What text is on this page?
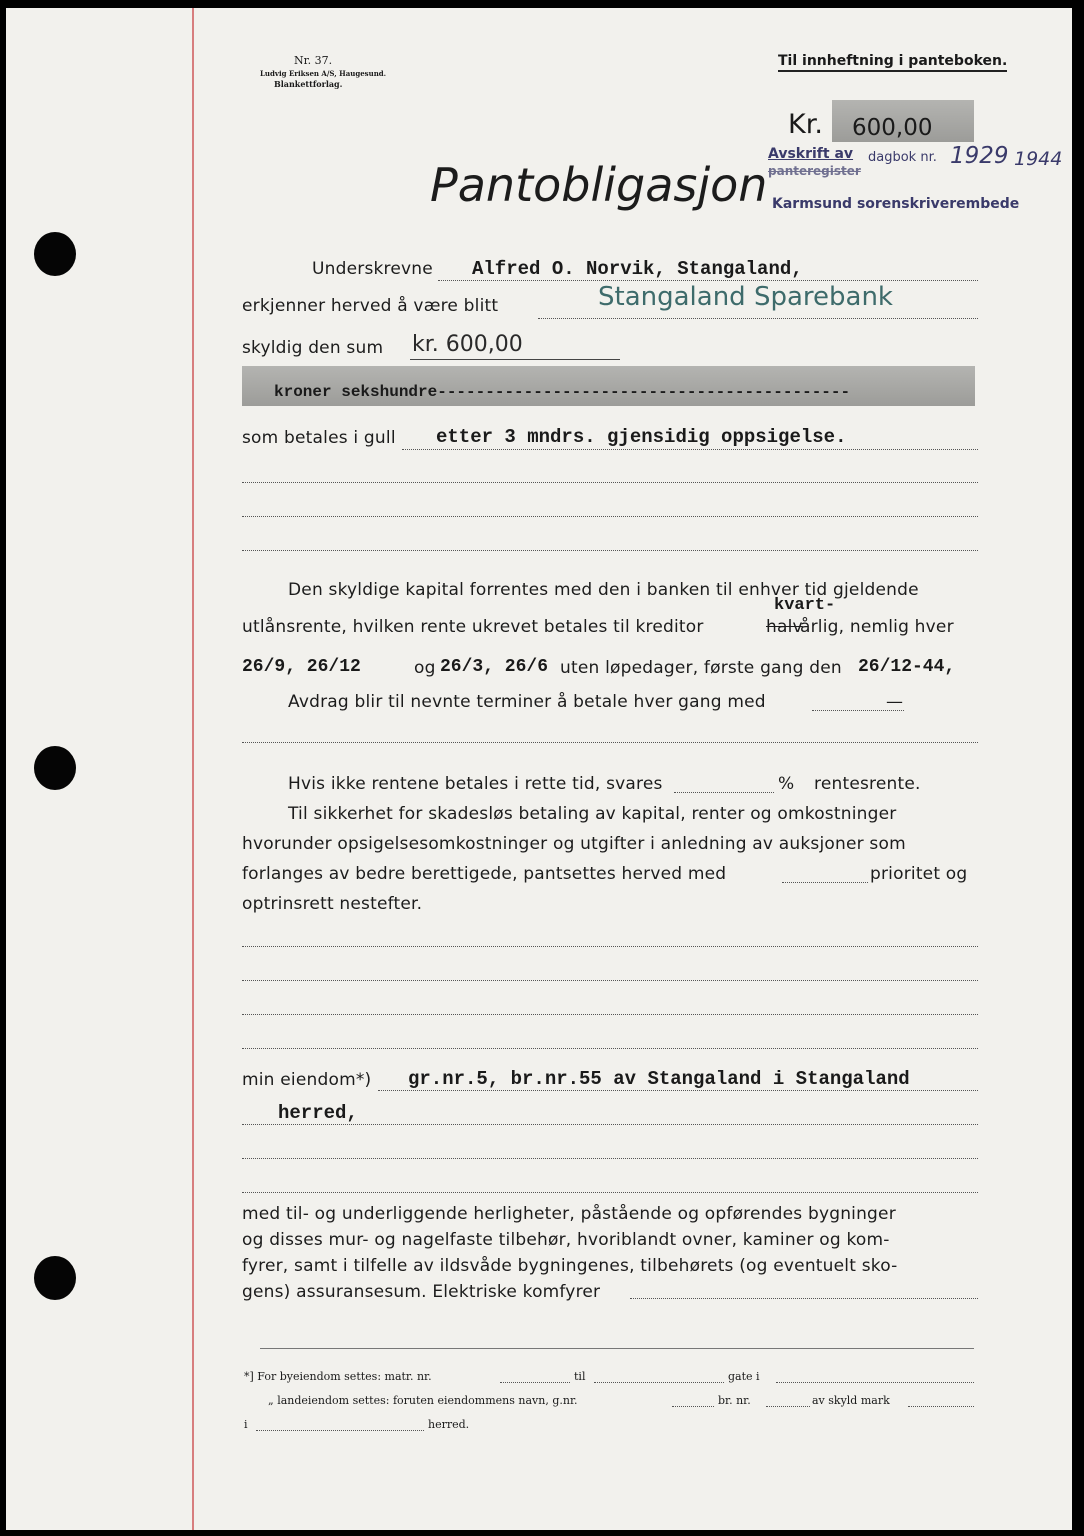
Nr. 37.
Ludvig Eriksen A/S, Haugesund.
Blankettforlag.
Til innheftning i panteboken.
Kr. 600,00
Avskrift av
panteregister
dagbok nr. 1929 1944
Karmsund sorenskriverembede
Pantobligasjon
Underskrevne Alfred O. Norvik, Stangaland,
erkjenner herved å være blitt	Stangaland Sparebank
skyldig den sum kr. 600,00
kroner sekshundre-------------------------------------------
som betales i gull etter 3 mndrs. gjensidig oppsigelse.
Den skyldige kapital forrentes med den i banken til enhver tid gjeldende
utlånsrente, hvilken rente ukrevet betales til kreditor	halv
kvart-
årlig, nemlig hver
26/9, 26/12	og 26/3, 26/6 uten løpedager, første gang den 26/12-44,
Avdrag blir til nevnte terminer å betale hver gang med	—
Hvis ikke rentene betales i rette tid, svares	% rentesrente.
Til sikkerhet for skadesløs betaling av kapital, renter og omkostninger
hvorunder opsigelsesomkostninger og utgifter i anledning av auksjoner som
forlanges av bedre berettigede, pantsettes herved med	prioritet og
optrinsrett nestefter.
min eiendom*) gr.nr.5, br.nr.55 av Stangaland i Stangaland
herred,
med til- og underliggende herligheter, påstående og opførendes bygninger
og disses mur- og nagelfaste tilbehør, hvoriblandt ovner, kaminer og kom-
fyrer, samt i tilfelle av ildsvåde bygningenes, tilbehørets (og eventuelt sko-
gens) assuransesum. Elektriske komfyrer
*] For byeiendom settes: matr. nr.	til	gate i
„ landeiendom settes: foruten eiendommens navn, g.nr.	br. nr.	av skyld mark
i	herred.
